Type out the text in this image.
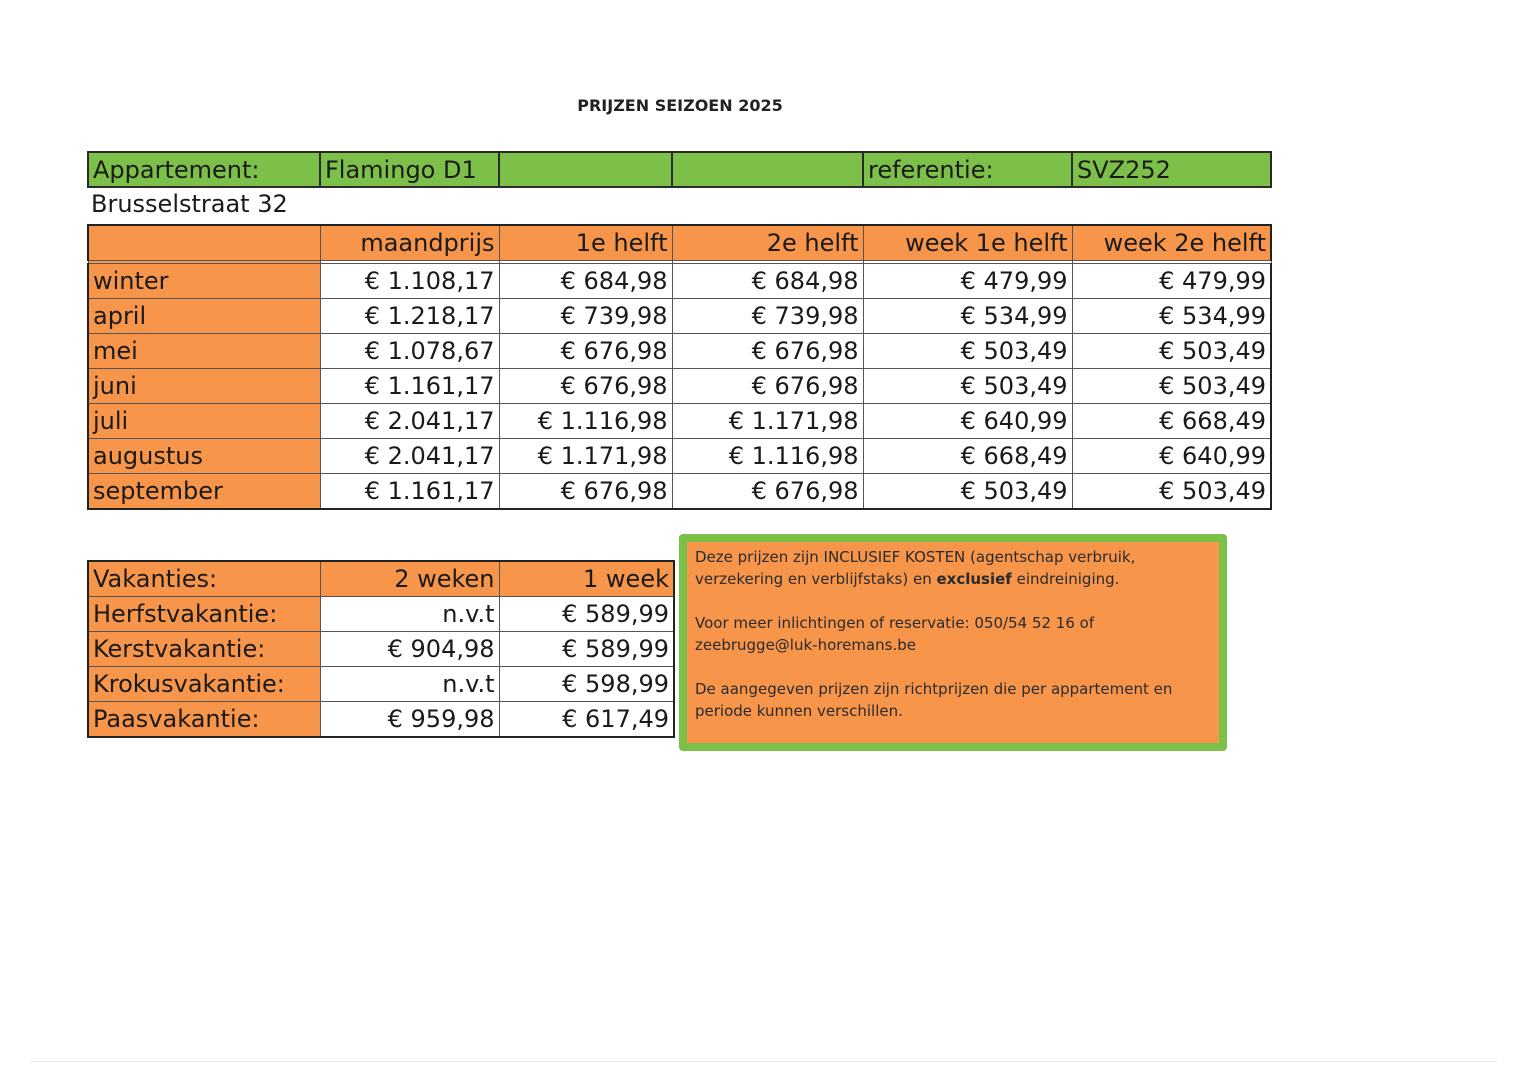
PRIJZEN SEIZOEN 2025
Appartement:	Flamingo D1			referentie:	SVZ252
Brusselstraat 32
	maandprijs	1e helft	2e helft	week 1e helft	week 2e helft

winter	€ 1.108,17	€ 684,98	€ 684,98	€ 479,99	€ 479,99
april	€ 1.218,17	€ 739,98	€ 739,98	€ 534,99	€ 534,99
mei	€ 1.078,67	€ 676,98	€ 676,98	€ 503,49	€ 503,49
juni	€ 1.161,17	€ 676,98	€ 676,98	€ 503,49	€ 503,49
juli	€ 2.041,17	€ 1.116,98	€ 1.171,98	€ 640,99	€ 668,49
augustus	€ 2.041,17	€ 1.171,98	€ 1.116,98	€ 668,49	€ 640,99
september	€ 1.161,17	€ 676,98	€ 676,98	€ 503,49	€ 503,49
Vakanties:	2 weken	1 week
Herfstvakantie:	n.v.t	€ 589,99
Kerstvakantie:	€ 904,98	€ 589,99
Krokusvakantie:	n.v.t	€ 598,99
Paasvakantie:	€ 959,98	€ 617,49

Deze prijzen zijn INCLUSIEF KOSTEN (agentschap verbruik, verzekering en verblijfstaks) en exclusief eindreiniging.

Voor meer inlichtingen of reservatie: 050/54 52 16 of zeebrugge@luk-horemans.be

De aangegeven prijzen zijn richtprijzen die per appartement en periode kunnen verschillen.
